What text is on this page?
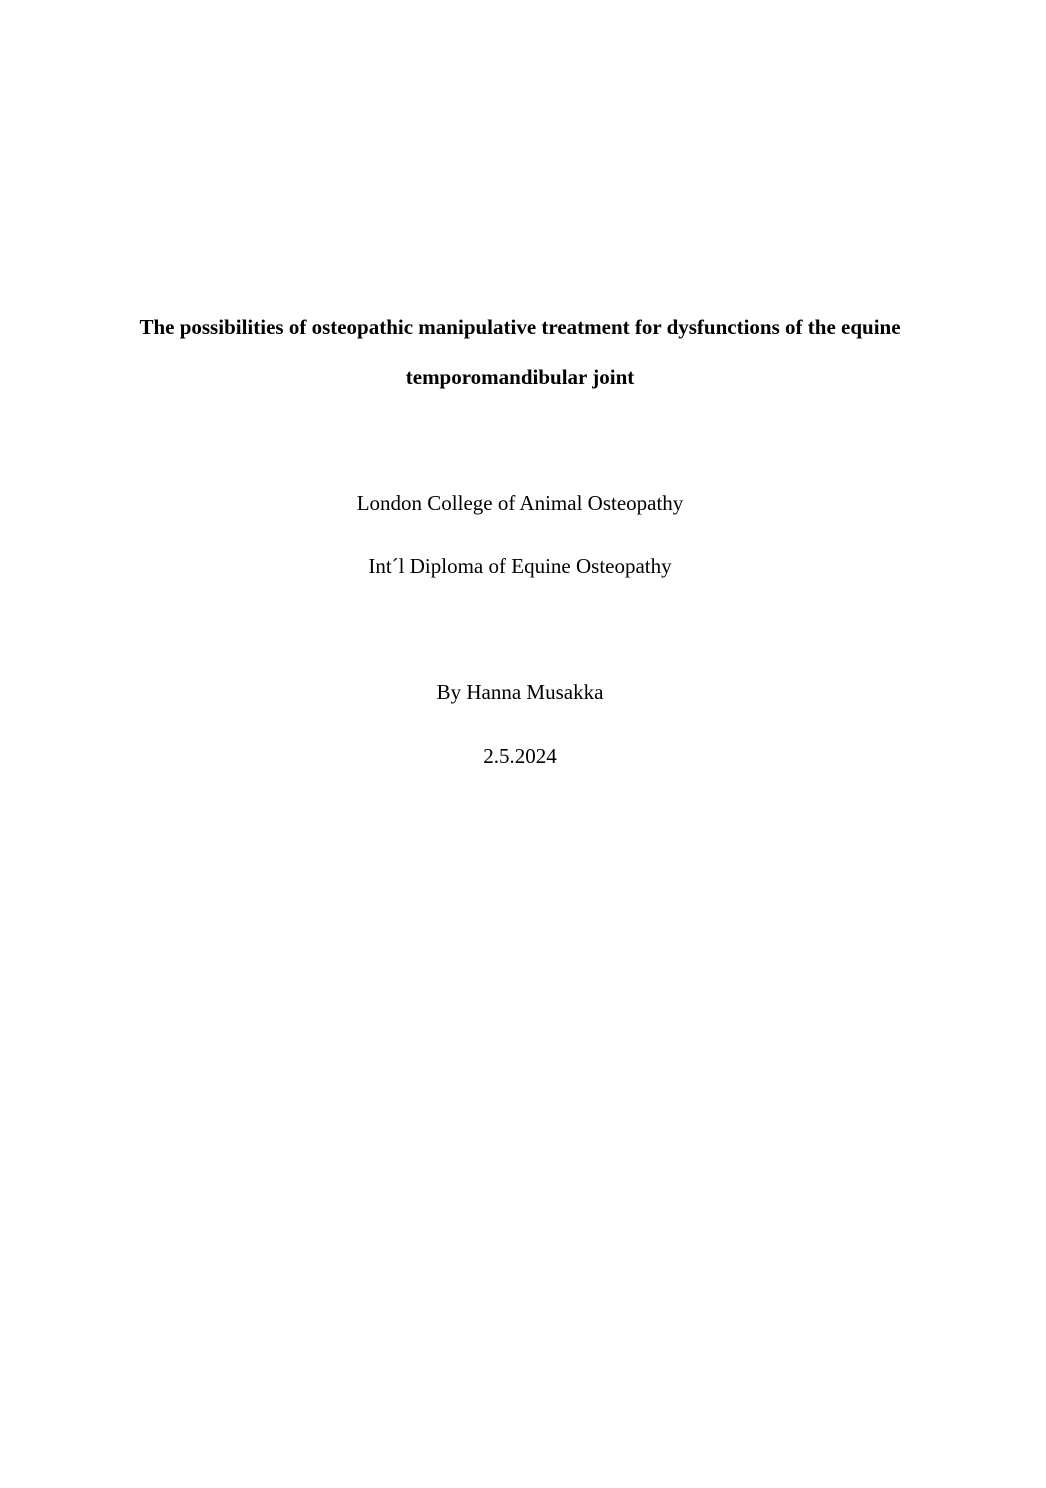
The possibilities of osteopathic manipulative treatment for dysfunctions of the equine
temporomandibular joint
London College of Animal Osteopathy
Int´l Diploma of Equine Osteopathy
By Hanna Musakka
2.5.2024
